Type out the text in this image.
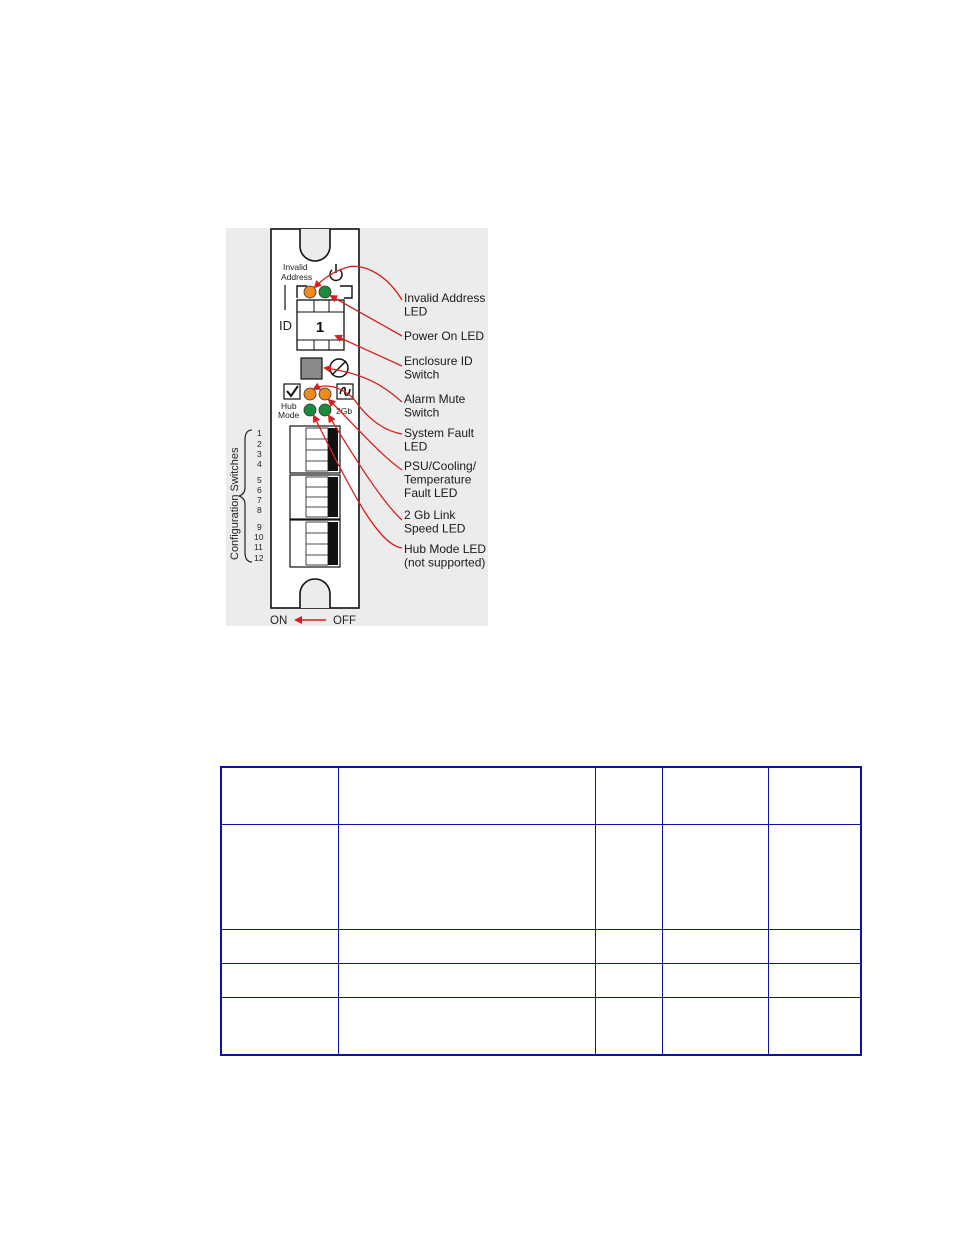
Invalid
Address
ID 1
Hub
Mode	2Gb
1
2
3
4
5
6
7
8
9
10
11
12
Configuration Switches
ON	OFF
Invalid Address
LED
Power On LED
Enclosure ID
Switch
Alarm Mute
Switch
System Fault
LED
PSU/Cooling/
Temperature
Fault LED
2 Gb Link
Speed LED
Hub Mode LED
(not supported)
